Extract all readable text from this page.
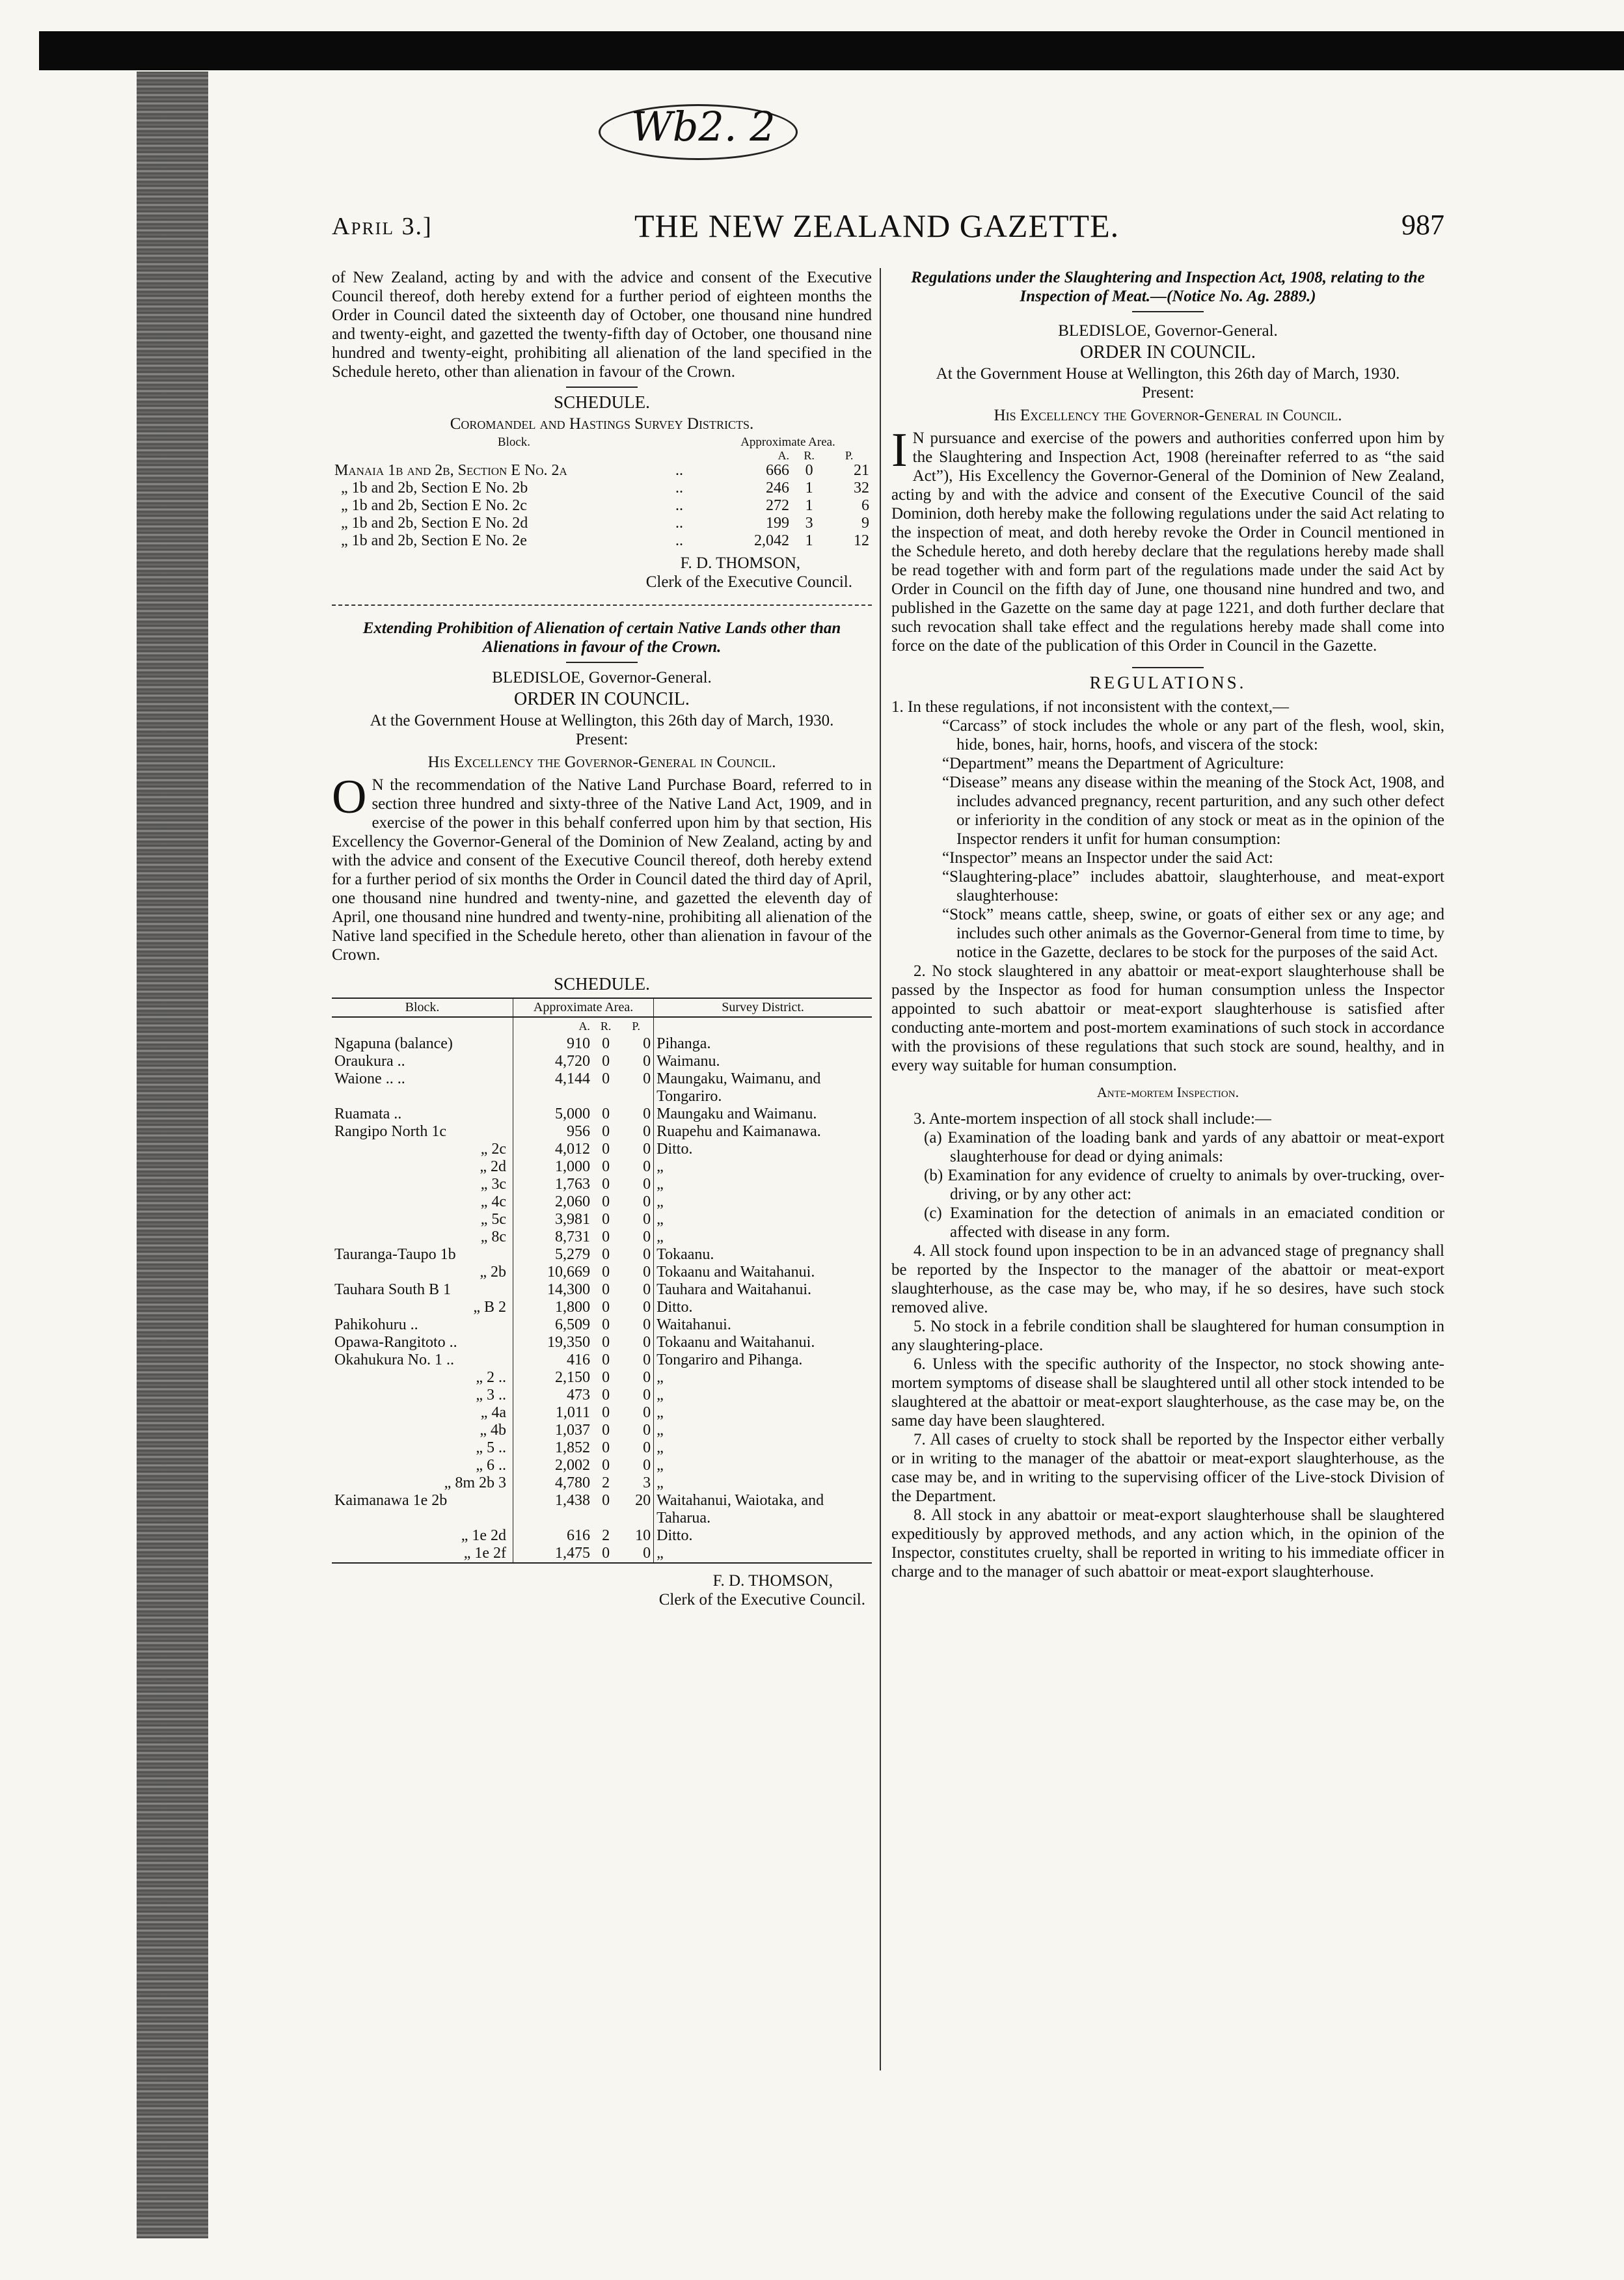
Wb2. 2
April 3.]	THE NEW ZEALAND GAZETTE.	987

of New Zealand, acting by and with the advice and consent of the Executive Council thereof, doth hereby extend for a further period of eighteen months the Order in Council dated the sixteenth day of October, one thousand nine hundred and twenty-eight, and gazetted the twenty-fifth day of October, one thousand nine hundred and twenty-eight, prohibiting all alienation of the land specified in the Schedule hereto, other than alienation in favour of the Crown.

SCHEDULE.

Coromandel and Hastings Survey Districts.

Block.		Approximate Area.		
		A.	R.	P.
Manaia 1b and 2b, Section E No. 2a	..	666	0	21
„ 1b and 2b, Section E No. 2b	..	246	1	32
„ 1b and 2b, Section E No. 2c	..	272	1	6
„ 1b and 2b, Section E No. 2d	..	199	3	9
„ 1b and 2b, Section E No. 2e	..	2,042	1	12

F. D. THOMSON,

Clerk of the Executive Council.

Extending Prohibition of Alienation of certain Native Lands other than Alienations in favour of the Crown.

BLEDISLOE, Governor-General.

ORDER IN COUNCIL.

At the Government House at Wellington, this 26th day of March, 1930.

Present:

His Excellency the Governor-General in Council.

O N the recommendation of the Native Land Purchase Board, referred to in section three hundred and sixty-three of the Native Land Act, 1909, and in exercise of the power in this behalf conferred upon him by that section, His Excellency the Governor-General of the Dominion of New Zealand, acting by and with the advice and consent of the Executive Council thereof, doth hereby extend for a further period of six months the Order in Council dated the third day of April, one thousand nine hundred and twenty-nine, and gazetted the eleventh day of April, one thousand nine hundred and twenty-nine, prohibiting all alienation of the Native land specified in the Schedule hereto, other than alienation in favour of the Crown.

SCHEDULE.

Block.	Approximate Area.			Survey District.
	A.	R.	P.	
Ngapuna (balance)	910	0	0	Pihanga.
Oraukura ..	4,720	0	0	Waimanu.
Waione .. ..	4,144	0	0	Maungaku, Waimanu, and Tongariro.
Ruamata ..	5,000	0	0	Maungaku and Waimanu.
Rangipo North 1c	956	0	0	Ruapehu and Kaimanawa.
„ 2c	4,012	0	0	Ditto.
„ 2d	1,000	0	0	„
„ 3c	1,763	0	0	„
„ 4c	2,060	0	0	„
„ 5c	3,981	0	0	„
„ 8c	8,731	0	0	„
Tauranga-Taupo 1b	5,279	0	0	Tokaanu.
„ 2b	10,669	0	0	Tokaanu and Waitahanui.
Tauhara South B 1	14,300	0	0	Tauhara and Waitahanui.
„ B 2	1,800	0	0	Ditto.
Pahikohuru ..	6,509	0	0	Waitahanui.
Opawa-Rangitoto ..	19,350	0	0	Tokaanu and Waitahanui.
Okahukura No. 1 ..	416	0	0	Tongariro and Pihanga.
„ 2 ..	2,150	0	0	„
„ 3 ..	473	0	0	„
„ 4a	1,011	0	0	„
„ 4b	1,037	0	0	„
„ 5 ..	1,852	0	0	„
„ 6 ..	2,002	0	0	„
„ 8m 2b 3	4,780	2	3	„
Kaimanawa 1e 2b	1,438	0	20	Waitahanui, Waiotaka, and Taharua.
„ 1e 2d	616	2	10	Ditto.
„ 1e 2f	1,475	0	0	„

F. D. THOMSON,

Clerk of the Executive Council.

Regulations under the Slaughtering and Inspection Act, 1908, relating to the Inspection of Meat.—(Notice No. Ag. 2889.)

BLEDISLOE, Governor-General.

ORDER IN COUNCIL.

At the Government House at Wellington, this 26th day of March, 1930.

Present:

His Excellency the Governor-General in Council.

I N pursuance and exercise of the powers and authorities conferred upon him by the Slaughtering and Inspection Act, 1908 (hereinafter referred to as “the said Act”), His Excellency the Governor-General of the Dominion of New Zealand, acting by and with the advice and consent of the Executive Council of the said Dominion, doth hereby make the following regulations under the said Act relating to the inspection of meat, and doth hereby revoke the Order in Council mentioned in the Schedule hereto, and doth hereby declare that the regulations hereby made shall be read together with and form part of the regulations made under the said Act by Order in Council on the fifth day of June, one thousand nine hundred and two, and published in the Gazette on the same day at page 1221, and doth further declare that such revocation shall take effect and the regulations hereby made shall come into force on the date of the publication of this Order in Council in the Gazette.

REGULATIONS.

1. In these regulations, if not inconsistent with the context,—

“Carcass” of stock includes the whole or any part of the flesh, wool, skin, hide, bones, hair, horns, hoofs, and viscera of the stock:

“Department” means the Department of Agriculture:

“Disease” means any disease within the meaning of the Stock Act, 1908, and includes advanced pregnancy, recent parturition, and any such other defect or inferiority in the condition of any stock or meat as in the opinion of the Inspector renders it unfit for human consumption:

“Inspector” means an Inspector under the said Act:

“Slaughtering-place” includes abattoir, slaughterhouse, and meat-export slaughterhouse:

“Stock” means cattle, sheep, swine, or goats of either sex or any age; and includes such other animals as the Governor-General from time to time, by notice in the Gazette, declares to be stock for the purposes of the said Act.

2. No stock slaughtered in any abattoir or meat-export slaughterhouse shall be passed by the Inspector as food for human consumption unless the Inspector appointed to such abattoir or meat-export slaughterhouse is satisfied after conducting ante-mortem and post-mortem examinations of such stock in accordance with the provisions of these regulations that such stock are sound, healthy, and in every way suitable for human consumption.

Ante-mortem Inspection.

3. Ante-mortem inspection of all stock shall include:—

(a) Examination of the loading bank and yards of any abattoir or meat-export slaughterhouse for dead or dying animals:

(b) Examination for any evidence of cruelty to animals by over-trucking, over-driving, or by any other act:

(c) Examination for the detection of animals in an emaciated condition or affected with disease in any form.

4. All stock found upon inspection to be in an advanced stage of pregnancy shall be reported by the Inspector to the manager of the abattoir or meat-export slaughterhouse, as the case may be, who may, if he so desires, have such stock removed alive.

5. No stock in a febrile condition shall be slaughtered for human consumption in any slaughtering-place.

6. Unless with the specific authority of the Inspector, no stock showing ante-mortem symptoms of disease shall be slaughtered until all other stock intended to be slaughtered at the abattoir or meat-export slaughterhouse, as the case may be, on the same day have been slaughtered.

7. All cases of cruelty to stock shall be reported by the Inspector either verbally or in writing to the manager of the abattoir or meat-export slaughterhouse, as the case may be, and in writing to the supervising officer of the Live-stock Division of the Department.

8. All stock in any abattoir or meat-export slaughterhouse shall be slaughtered expeditiously by approved methods, and any action which, in the opinion of the Inspector, constitutes cruelty, shall be reported in writing to his immediate officer in charge and to the manager of such abattoir or meat-export slaughterhouse.
